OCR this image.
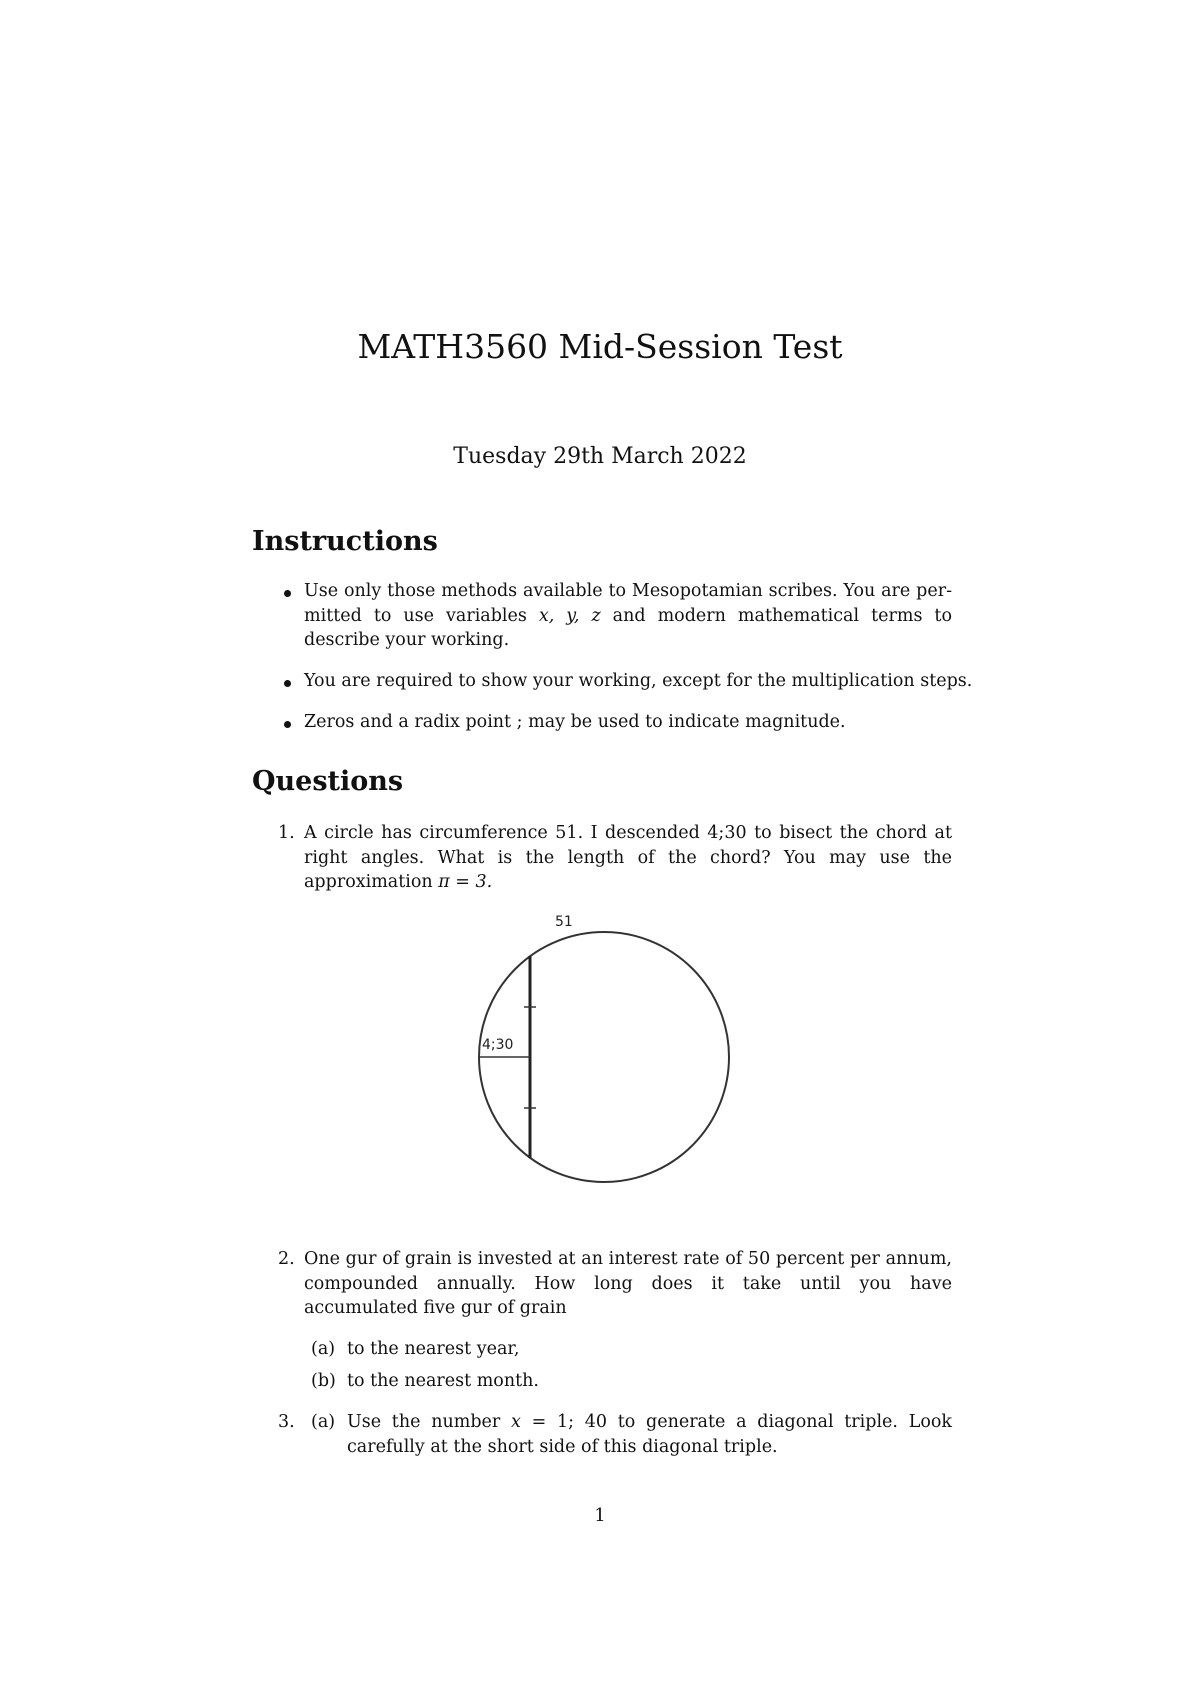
MATH3560 Mid-Session Test
Tuesday 29th March 2022
Instructions
Use only those methods available to Mesopotamian scribes. You are per- mitted to use variables x, y, z and modern mathematical terms to describe your working.
You are required to show your working, except for the multiplication steps.
Zeros and a radix point ; may be used to indicate magnitude.
Questions
1. A circle has circumference 51. I descended 4;30 to bisect the chord at right angles. What is the length of the chord? You may use the approximation π = 3.
51
4;30
2. One gur of grain is invested at an interest rate of 50 percent per annum, compounded annually. How long does it take until you have accumulated five gur of grain
(a) to the nearest year,
(b) to the nearest month.
3. (a) Use the number x = 1; 40 to generate a diagonal triple. Look carefully at the short side of this diagonal triple.
1
